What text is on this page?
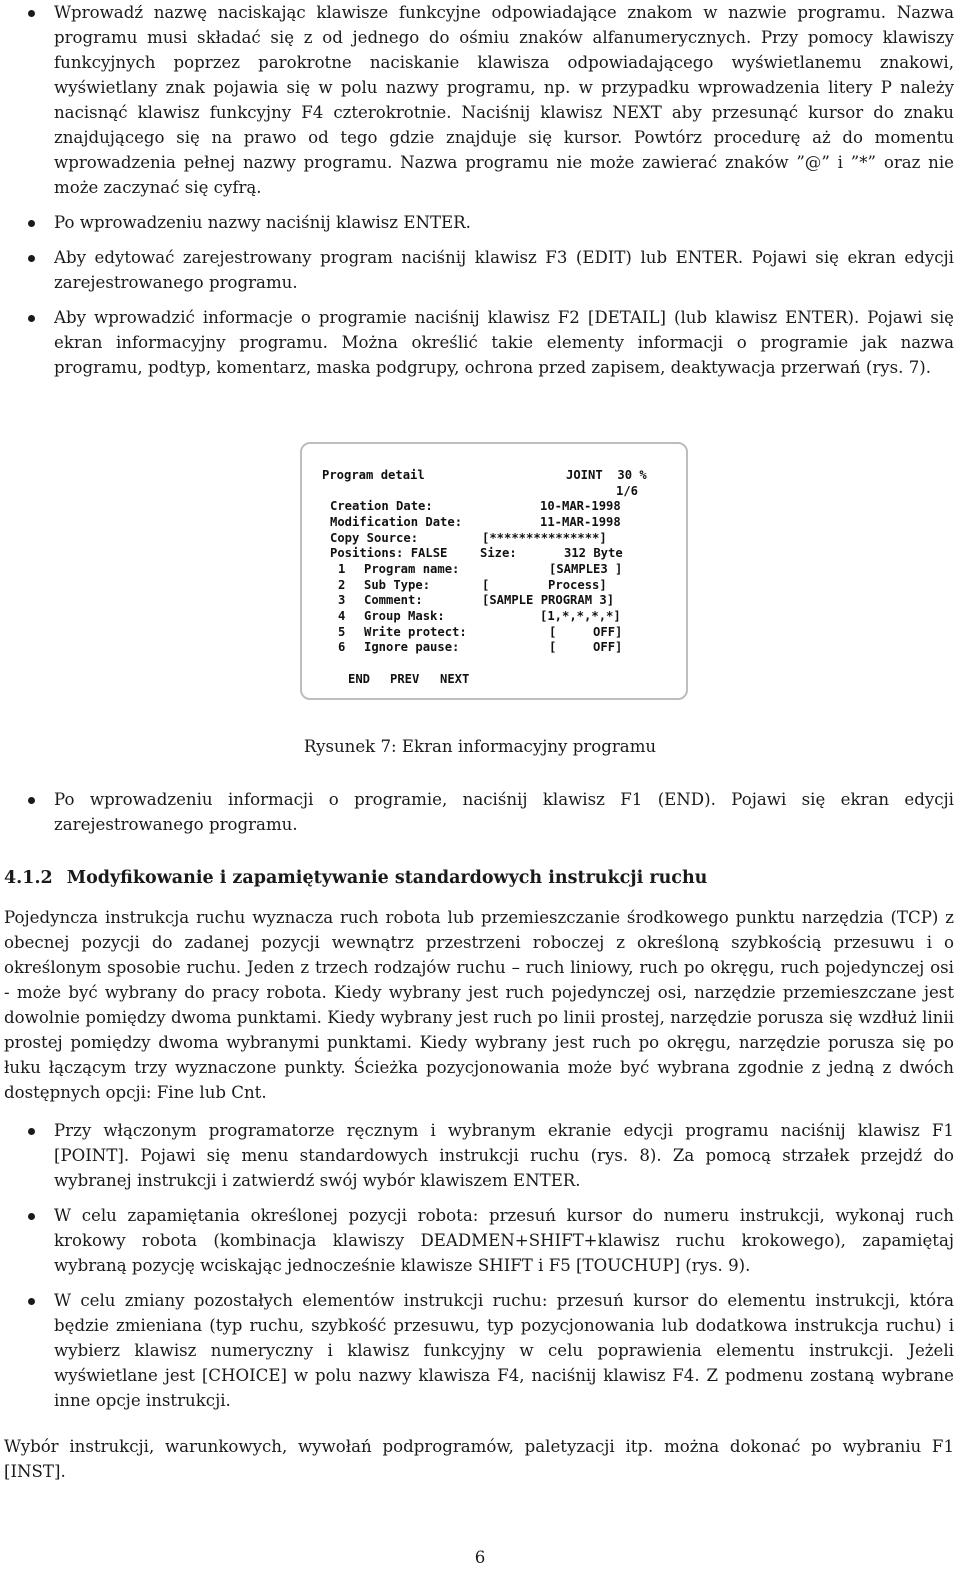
Wprowadź nazwę naciskając klawisze funkcyjne odpowiadające znakom w nazwie programu. Nazwa programu musi składać się z od jednego do ośmiu znaków alfanumerycznych. Przy pomocy klawiszy funkcyjnych poprzez parokrotne naciskanie klawisza odpowiadającego wyświetlanemu znakowi, wyświetlany znak pojawia się w polu nazwy programu, np. w przypadku wprowadzenia litery P należy nacisnąć klawisz funkcyjny F4 czterokrotnie. Naciśnij klawisz NEXT aby przesunąć kursor do znaku znajdującego się na prawo od tego gdzie znajduje się kursor. Powtórz procedurę aż do momentu wprowadzenia pełnej nazwy programu. Nazwa programu nie może zawierać znaków ”@” i ”*” oraz nie może zaczynać się cyfrą.
Po wprowadzeniu nazwy naciśnij klawisz ENTER.
Aby edytować zarejestrowany program naciśnij klawisz F3 (EDIT) lub ENTER. Pojawi się ekran edycji zarejestrowanego programu.
Aby wprowadzić informacje o programie naciśnij klawisz F2 [DETAIL] (lub klawisz ENTER). Pojawi się ekran informacyjny programu. Można określić takie elementy informacji o programie jak nazwa programu, podtyp, komentarz, maska podgrupy, ochrona przed zapisem, deaktywacja przerwań (rys. 7).
Program detail	JOINT  30 %
1/6
Creation Date:	10-MAR-1998
Modification Date:	11-MAR-1998
Copy Source:	[***************]
Positions: FALSE	Size:	312 Byte
1 Program name:	[SAMPLE3 ]
2 Sub Type:	[        Process]
3 Comment:	[SAMPLE PROGRAM 3]
4 Group Mask:	[1,*,*,*,*]
5 Write protect:	[     OFF]
6 Ignore pause:	[     OFF]
END PREV NEXT
Rysunek 7: Ekran informacyjny programu
Po wprowadzeniu informacji o programie, naciśnij klawisz F1 (END). Pojawi się ekran edycji zarejestrowanego programu.
4.1.2 Modyfikowanie i zapamiętywanie standardowych instrukcji ruchu

Pojedyncza instrukcja ruchu wyznacza ruch robota lub przemieszczanie środkowego punktu narzędzia (TCP) z obecnej pozycji do zadanej pozycji wewnątrz przestrzeni roboczej z określoną szybkością przesuwu i o określonym sposobie ruchu. Jeden z trzech rodzajów ruchu – ruch liniowy, ruch po okręgu, ruch pojedynczej osi - może być wybrany do pracy robota. Kiedy wybrany jest ruch pojedynczej osi, narzędzie przemieszczane jest dowolnie pomiędzy dwoma punktami. Kiedy wybrany jest ruch po linii prostej, narzędzie porusza się wzdłuż linii prostej pomiędzy dwoma wybranymi punktami. Kiedy wybrany jest ruch po okręgu, narzędzie porusza się po łuku łączącym trzy wyznaczone punkty. Ścieżka pozycjonowania może być wybrana zgodnie z jedną z dwóch dostępnych opcji: Fine lub Cnt.

Przy włączonym programatorze ręcznym i wybranym ekranie edycji programu naciśnij klawisz F1 [POINT]. Pojawi się menu standardowych instrukcji ruchu (rys. 8). Za pomocą strzałek przejdź do wybranej instrukcji i zatwierdź swój wybór klawiszem ENTER.
W celu zapamiętania określonej pozycji robota: przesuń kursor do numeru instrukcji, wykonaj ruch krokowy robota (kombinacja klawiszy DEADMEN+SHIFT+klawisz ruchu krokowego), zapamiętaj wybraną pozycję wciskając jednocześnie klawisze SHIFT i F5 [TOUCHUP] (rys. 9).
W celu zmiany pozostałych elementów instrukcji ruchu: przesuń kursor do elementu instrukcji, która będzie zmieniana (typ ruchu, szybkość przesuwu, typ pozycjonowania lub dodatkowa instrukcja ruchu) i wybierz klawisz numeryczny i klawisz funkcyjny w celu poprawienia elementu instrukcji. Jeżeli wyświetlane jest [CHOICE] w polu nazwy klawisza F4, naciśnij klawisz F4. Z podmenu zostaną wybrane inne opcje instrukcji.

Wybór instrukcji, warunkowych, wywołań podprogramów, paletyzacji itp. można dokonać po wybraniu F1 [INST].

6
